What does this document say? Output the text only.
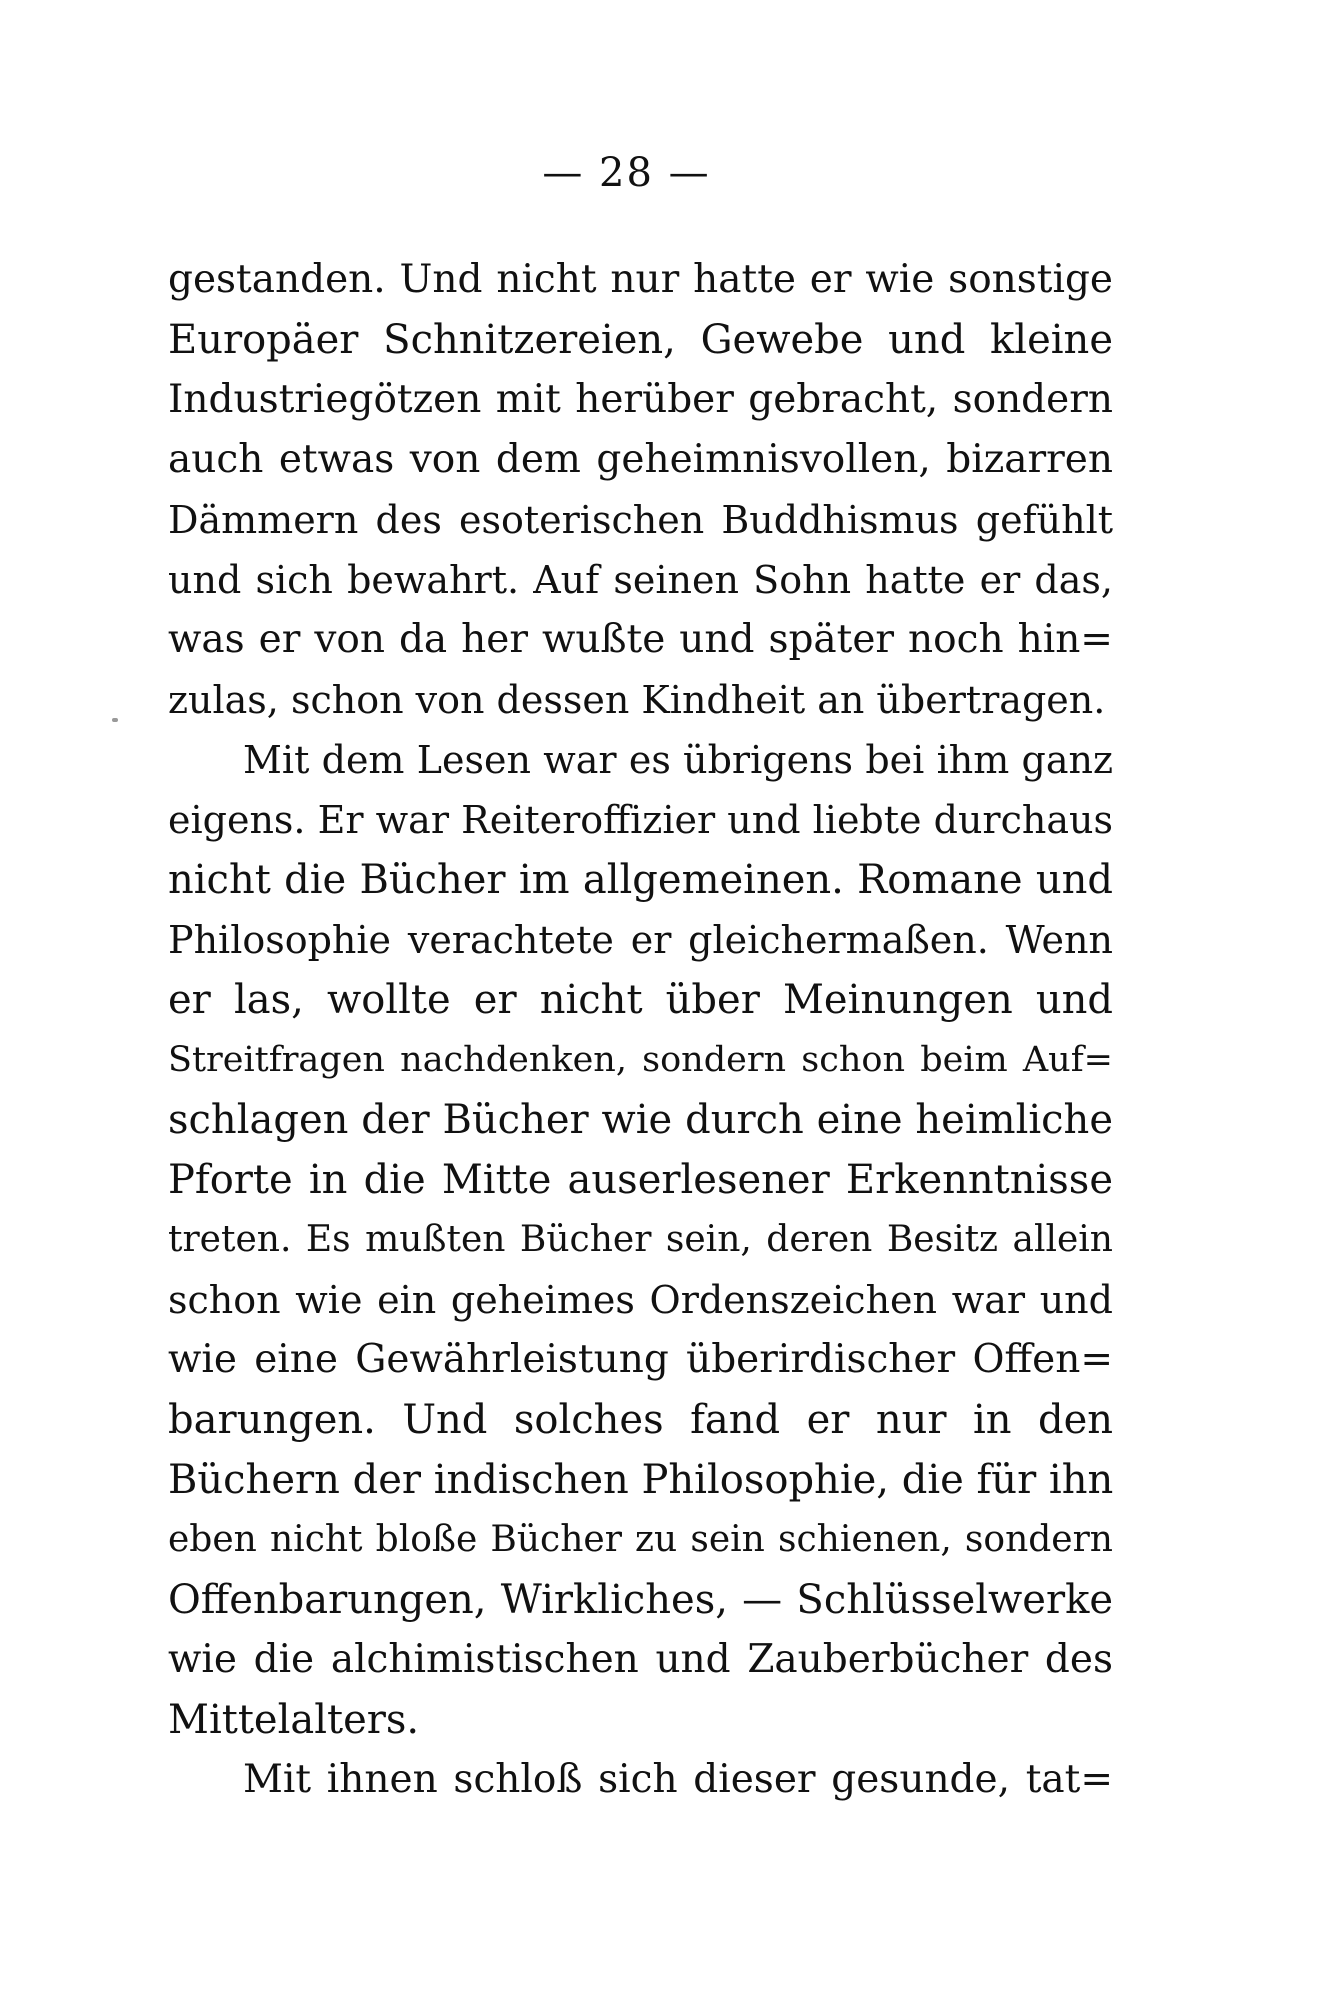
— 28 —
gestanden. Und nicht nur hatte er wie sonstige
Europäer Schnitzereien, Gewebe und kleine
Industriegötzen mit herüber gebracht, sondern
auch etwas von dem geheimnisvollen, bizarren
Dämmern des esoterischen Buddhismus gefühlt
und sich bewahrt. Auf seinen Sohn hatte er das,
was er von da her wußte und später noch hin=
zulas, schon von dessen Kindheit an übertragen.
Mit dem Lesen war es übrigens bei ihm ganz
eigens. Er war Reiteroffizier und liebte durchaus
nicht die Bücher im allgemeinen. Romane und
Philosophie verachtete er gleichermaßen. Wenn
er las, wollte er nicht über Meinungen und
Streitfragen nachdenken, sondern schon beim Auf=
schlagen der Bücher wie durch eine heimliche
Pforte in die Mitte auserlesener Erkenntnisse
treten. Es mußten Bücher sein, deren Besitz allein
schon wie ein geheimes Ordenszeichen war und
wie eine Gewährleistung überirdischer Offen=
barungen. Und solches fand er nur in den
Büchern der indischen Philosophie, die für ihn
eben nicht bloße Bücher zu sein schienen, sondern
Offenbarungen, Wirkliches, — Schlüsselwerke
wie die alchimistischen und Zauberbücher des
Mittelalters.
Mit ihnen schloß sich dieser gesunde, tat=
